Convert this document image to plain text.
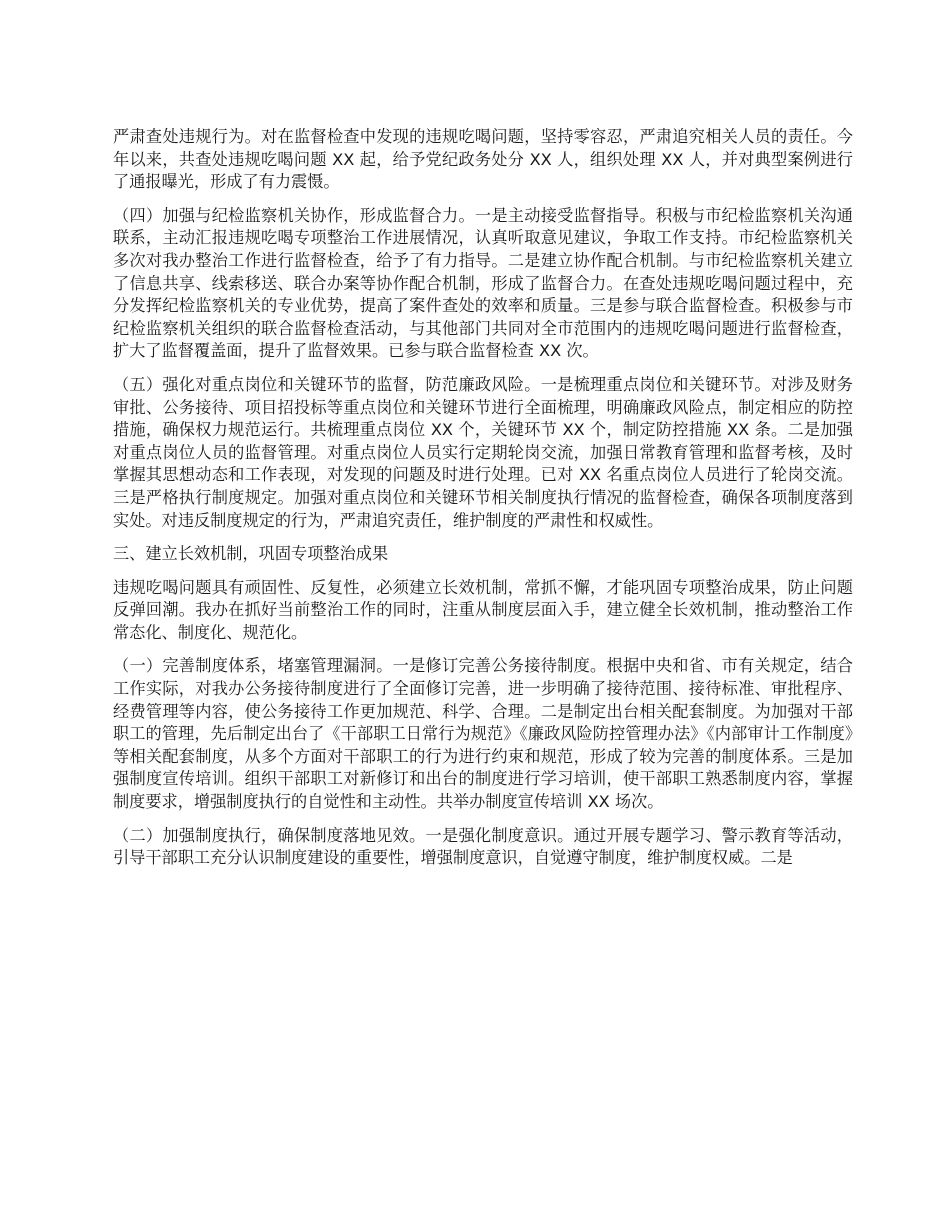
严肃查处违规行为。对在监督检查中发现的违规吃喝问题，坚持零容忍，严肃追究相关人员的责任。今年以来，共查处违规吃喝问题 XX 起，给予党纪政务处分 XX 人，组织处理 XX 人，并对典型案例进行了通报曝光，形成了有力震慑。

（四）加强与纪检监察机关协作，形成监督合力。一是主动接受监督指导。积极与市纪检监察机关沟通联系，主动汇报违规吃喝专项整治工作进展情况，认真听取意见建议，争取工作支持。市纪检监察机关多次对我办整治工作进行监督检查，给予了有力指导。二是建立协作配合机制。与市纪检监察机关建立了信息共享、线索移送、联合办案等协作配合机制，形成了监督合力。在查处违规吃喝问题过程中，充分发挥纪检监察机关的专业优势，提高了案件查处的效率和质量。三是参与联合监督检查。积极参与市纪检监察机关组织的联合监督检查活动，与其他部门共同对全市范围内的违规吃喝问题进行监督检查，扩大了监督覆盖面，提升了监督效果。已参与联合监督检查 XX 次。

（五）强化对重点岗位和关键环节的监督，防范廉政风险。一是梳理重点岗位和关键环节。对涉及财务审批、公务接待、项目招投标等重点岗位和关键环节进行全面梳理，明确廉政风险点，制定相应的防控措施，确保权力规范运行。共梳理重点岗位 XX 个，关键环节 XX 个，制定防控措施 XX 条。二是加强对重点岗位人员的监督管理。对重点岗位人员实行定期轮岗交流，加强日常教育管理和监督考核，及时掌握其思想动态和工作表现，对发现的问题及时进行处理。已对 XX 名重点岗位人员进行了轮岗交流。三是严格执行制度规定。加强对重点岗位和关键环节相关制度执行情况的监督检查，确保各项制度落到实处。对违反制度规定的行为，严肃追究责任，维护制度的严肃性和权威性。

三、建立长效机制，巩固专项整治成果

违规吃喝问题具有顽固性、反复性，必须建立长效机制，常抓不懈，才能巩固专项整治成果，防止问题反弹回潮。我办在抓好当前整治工作的同时，注重从制度层面入手，建立健全长效机制，推动整治工作常态化、制度化、规范化。

（一）完善制度体系，堵塞管理漏洞。一是修订完善公务接待制度。根据中央和省、市有关规定，结合工作实际，对我办公务接待制度进行了全面修订完善，进一步明确了接待范围、接待标准、审批程序、经费管理等内容，使公务接待工作更加规范、科学、合理。二是制定出台相关配套制度。为加强对干部职工的管理，先后制定出台了《干部职工日常行为规范》《廉政风险防控管理办法》《内部审计工作制度》等相关配套制度，从多个方面对干部职工的行为进行约束和规范，形成了较为完善的制度体系。三是加强制度宣传培训。组织干部职工对新修订和出台的制度进行学习培训，使干部职工熟悉制度内容，掌握制度要求，增强制度执行的自觉性和主动性。共举办制度宣传培训 XX 场次。

（二）加强制度执行，确保制度落地见效。一是强化制度意识。通过开展专题学习、警示教育等活动，引导干部职工充分认识制度建设的重要性，增强制度意识，自觉遵守制度，维护制度权威。二是
